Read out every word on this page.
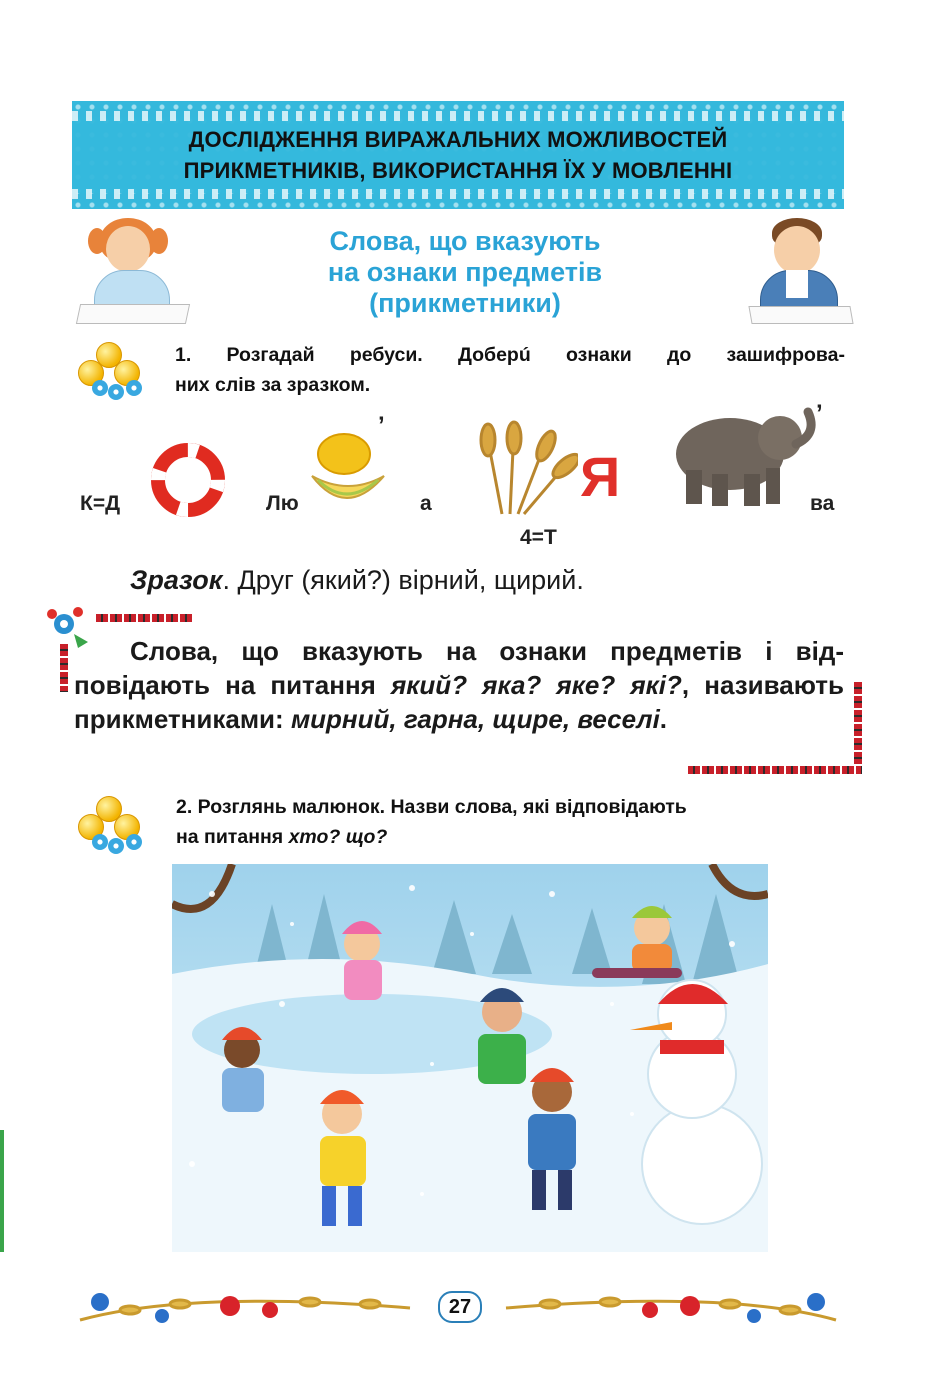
ДОСЛІДЖЕННЯ ВИРАЖАЛЬНИХ МОЖЛИВОСТЕЙ
ПРИКМЕТНИКІВ, ВИКОРИСТАННЯ ЇХ У МОВЛЕННІ
Слова, що вказують
на ознаки предметів
(прикметники)
1. Розгадай ребуси. Доберú ознаки до зашифрова-
них слів за зразком.
К=Д	Лю
’
а	Я
4=Т
’
ва
Зразок. Друг (який?) вірний, щирий.
Слова, що вказують на ознаки предметів і від-повідають на питання який? яка? яке? які?, називають прикметниками: мирний, гарна, щире, веселі.
2. Розглянь малюнок. Назви слова, які відповідають
на питання хто? що?
27
